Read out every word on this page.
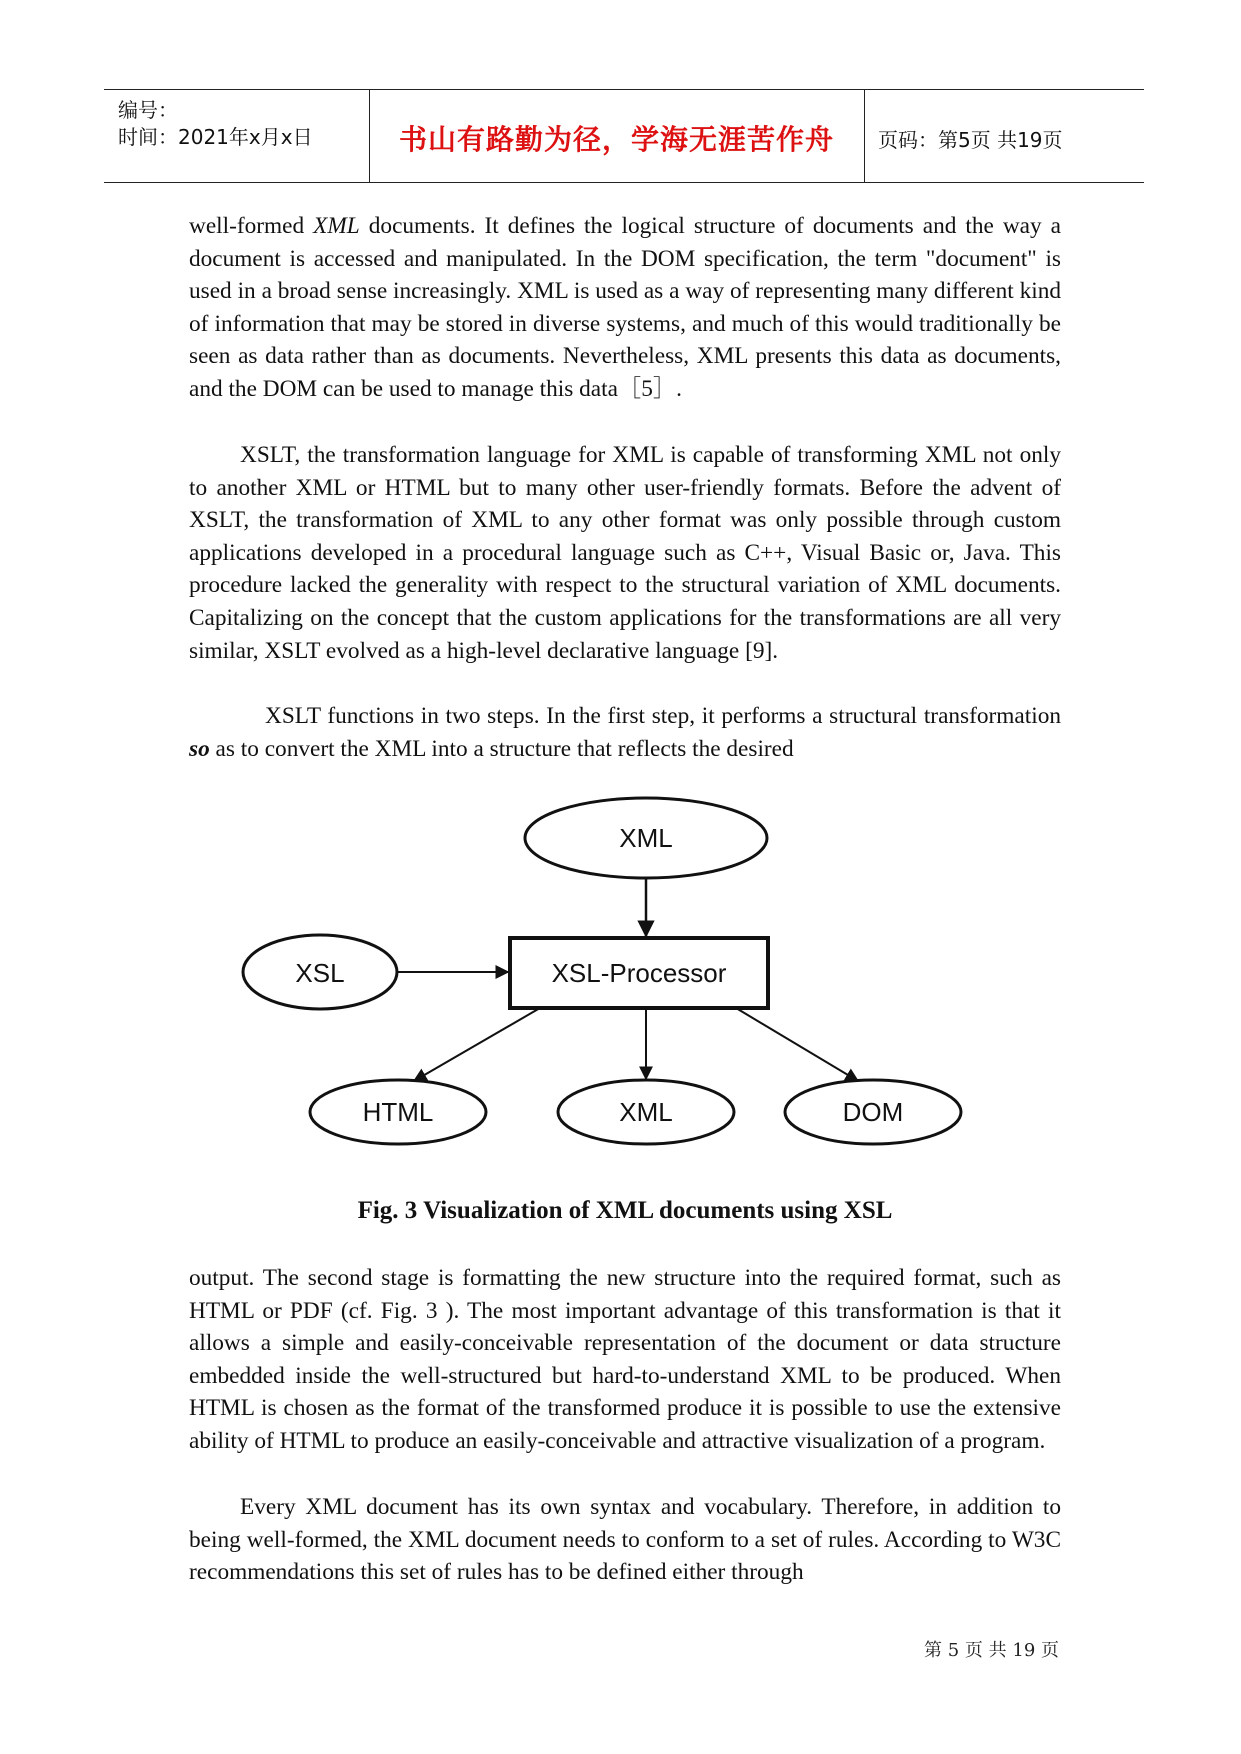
编号：
时间：2021年x月x日	书山有路勤为径，学海无涯苦作舟	页码：第5页 共19页

well-formed XML documents. It defines the logical structure of documents and the way a document is accessed and manipulated. In the DOM specification, the term "document" is used in a broad sense increasingly. XML is used as a way of representing many different kind of information that may be stored in diverse systems, and much of this would traditionally be seen as data rather than as documents. Nevertheless, XML presents this data as documents, and the DOM can be used to manage this data［5］.

XSLT, the transformation language for XML is capable of transforming XML not only to another XML or HTML but to many other user-friendly formats. Before the advent of XSLT, the transformation of XML to any other format was only possible through custom applications developed in a procedural language such as C++, Visual Basic or, Java. This procedure lacked the generality with respect to the structural variation of XML documents. Capitalizing on the concept that the custom applications for the transformations are all very similar, XSLT evolved as a high-level declarative language [9].

XSLT functions in two steps. In the first step, it performs a structural transformation so as to convert the XML into a structure that reflects the desired

XML
XSL	XSL-Processor
HTML	XML	DOM
Fig. 3 Visualization of XML documents using XSL

output. The second stage is formatting the new structure into the required format, such as HTML or PDF (cf. Fig. 3 ). The most important advantage of this transformation is that it allows a simple and easily-conceivable representation of the document or data structure embedded inside the well-structured but hard-to-understand XML to be produced. When HTML is chosen as the format of the transformed produce it is possible to use the extensive ability of HTML to produce an easily-conceivable and attractive visualization of a program.

Every XML document has its own syntax and vocabulary. Therefore, in addition to being well-formed, the XML document needs to conform to a set of rules. According to W3C recommendations this set of rules has to be defined either through

第 5 页 共 19 页
